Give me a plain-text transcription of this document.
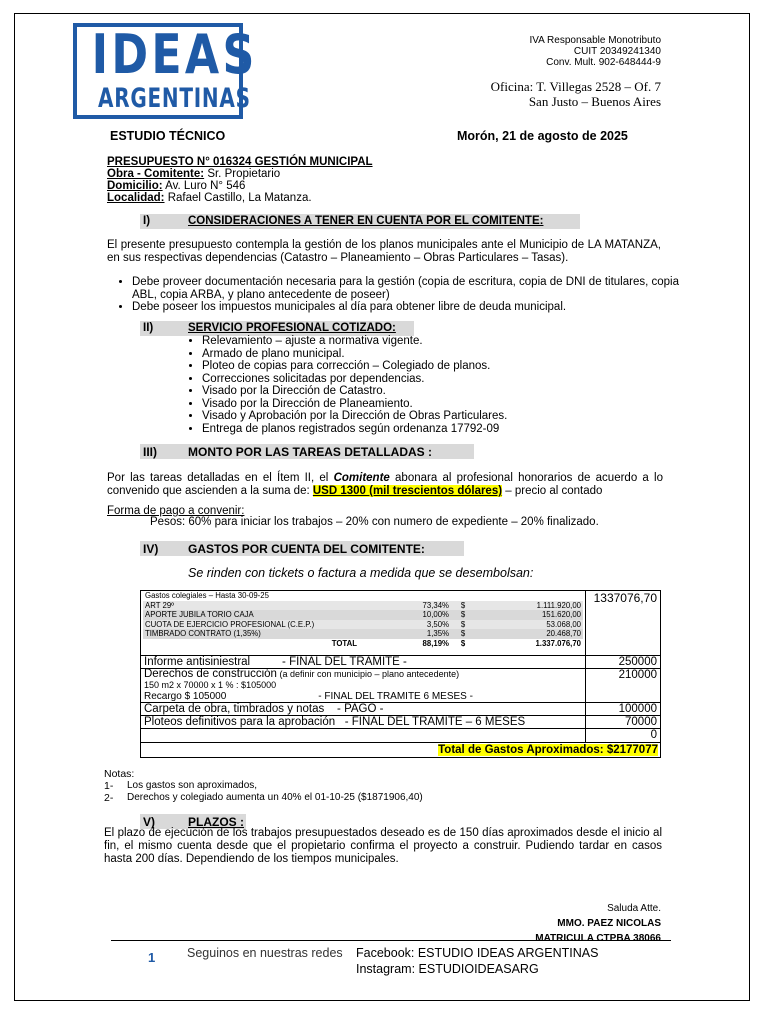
IDEAS
ARGENTINAS
IVA Responsable Monotributo
CUIT 20349241340
Conv. Mult. 902-648444-9
Oficina: T. Villegas 2528 – Of. 7
San Justo – Buenos Aires
ESTUDIO TÉCNICO	Morón, 21 de agosto de 2025
PRESUPUESTO N° 016324 GESTIÓN MUNICIPAL
Obra - Comitente: Sr. Propietario
Domicilio: Av. Luro N° 546
Localidad: Rafael Castillo, La Matanza.
I)	CONSIDERACIONES A TENER EN CUENTA POR EL COMITENTE:
El presente presupuesto contempla la gestión de los planos municipales ante el Municipio de LA MATANZA, en sus respectivas dependencias (Catastro – Planeamiento – Obras Particulares – Tasas).
• Debe proveer documentación necesaria para la gestión (copia de escritura, copia de DNI de titulares, copia ABL, copia ARBA, y plano antecedente de poseer)
• Debe poseer los impuestos municipales al día para obtener libre de deuda municipal.
II)	SERVICIO PROFESIONAL COTIZADO:
• Relevamiento – ajuste a normativa vigente.
• Armado de plano municipal.
• Ploteo de copias para corrección – Colegiado de planos.
• Correcciones solicitadas por dependencias.
• Visado por la Dirección de Catastro.
• Visado por la Dirección de Planeamiento.
• Visado y Aprobación por la Dirección de Obras Particulares.
• Entrega de planos registrados según ordenanza 17792-09
III)	MONTO POR LAS TAREAS DETALLADAS :
Por las tareas detalladas en el Ítem II, el Comitente abonara al profesional honorarios de acuerdo a lo convenido que ascienden a la suma de: USD 1300 (mil trescientos dólares) – precio al contado
Forma de pago a convenir:
Pesos: 60% para iniciar los trabajos – 20% con numero de expediente – 20% finalizado.
IV) GASTOS POR CUENTA DEL COMITENTE:
Se rinden con tickets o factura a medida que se desembolsan:
Gastos colegiales – Hasta 30-09-25
ART 29º	73,34%	$	1.111.920,00
APORTE JUBILA TORIO CAJA	10,00%	$	151.620,00
CUOTA DE EJERCICIO PROFESIONAL (C.E.P.)	3,50%	$	53.068,00
TIMBRADO CONTRATO (1,35%)	1,35%	$	20.468,70
TOTAL	88,19%	$	1.337.076,70
	1337076,70
Informe antisiniestral          - FINAL DEL TRAMITE -	250000
Derechos de construcción (a definir con municipio – plano antecedente)
150 m2 x 70000 x 1 % : $105000
Recargo $ 105000	- FINAL DEL TRAMITE 6 MESES -	210000
Carpeta de obra, timbrados y notas    - PAGO -	100000
Ploteos definitivos para la aprobación   - FINAL DEL TRAMITE – 6 MESES	70000
	0
Total de Gastos Aproximados: $2177077
Notas:
1- Los gastos son aproximados,
2- Derechos y colegiado aumenta un 40% el 01-10-25 ($1871906,40)
V)	PLAZOS :
El plazo de ejecución de los trabajos presupuestados deseado es de 150 días aproximados desde el inicio al fin, el mismo cuenta desde que el propietario confirma el proyecto a construir. Pudiendo tardar en casos hasta 200 días. Dependiendo de los tiempos municipales.
Saluda Atte.
MMO. PAEZ NICOLAS
MATRICULA CTPBA 38066
1	Seguinos en nuestras redes Facebook: ESTUDIO IDEAS ARGENTINAS
Instagram: ESTUDIOIDEASARG
